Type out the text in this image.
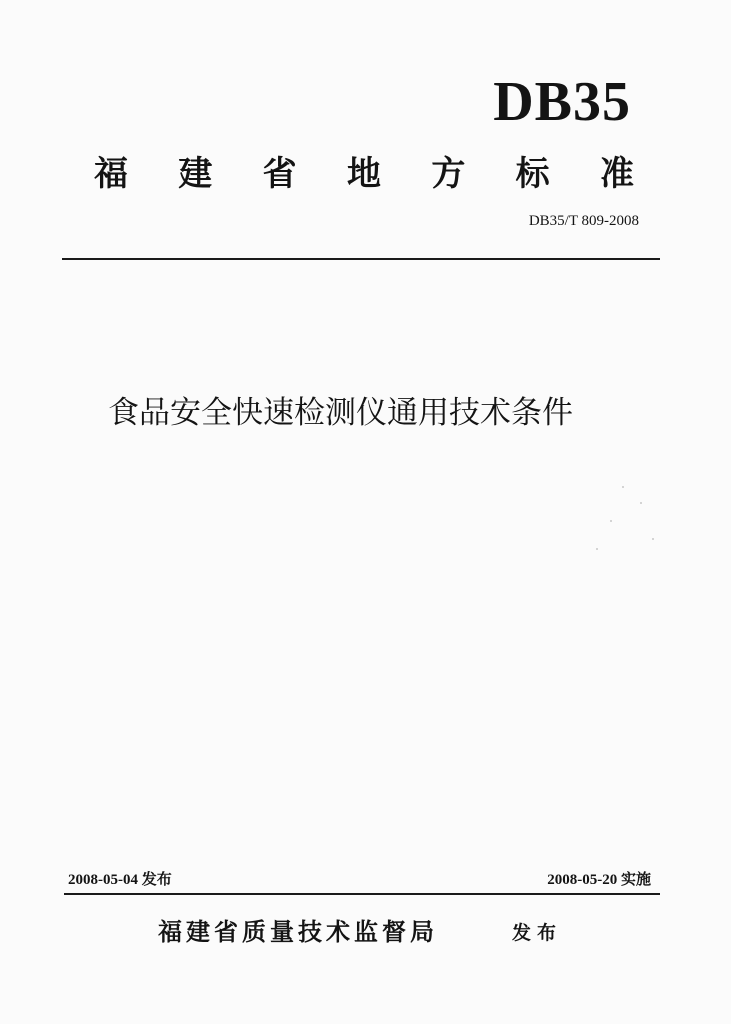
DB35
福 建 省 地 方 标 准
DB35/T 809-2008
食品安全快速检测仪通用技术条件
2008-05-04 发布	2008-05-20 实施
福建省质量技术监督局	发布
